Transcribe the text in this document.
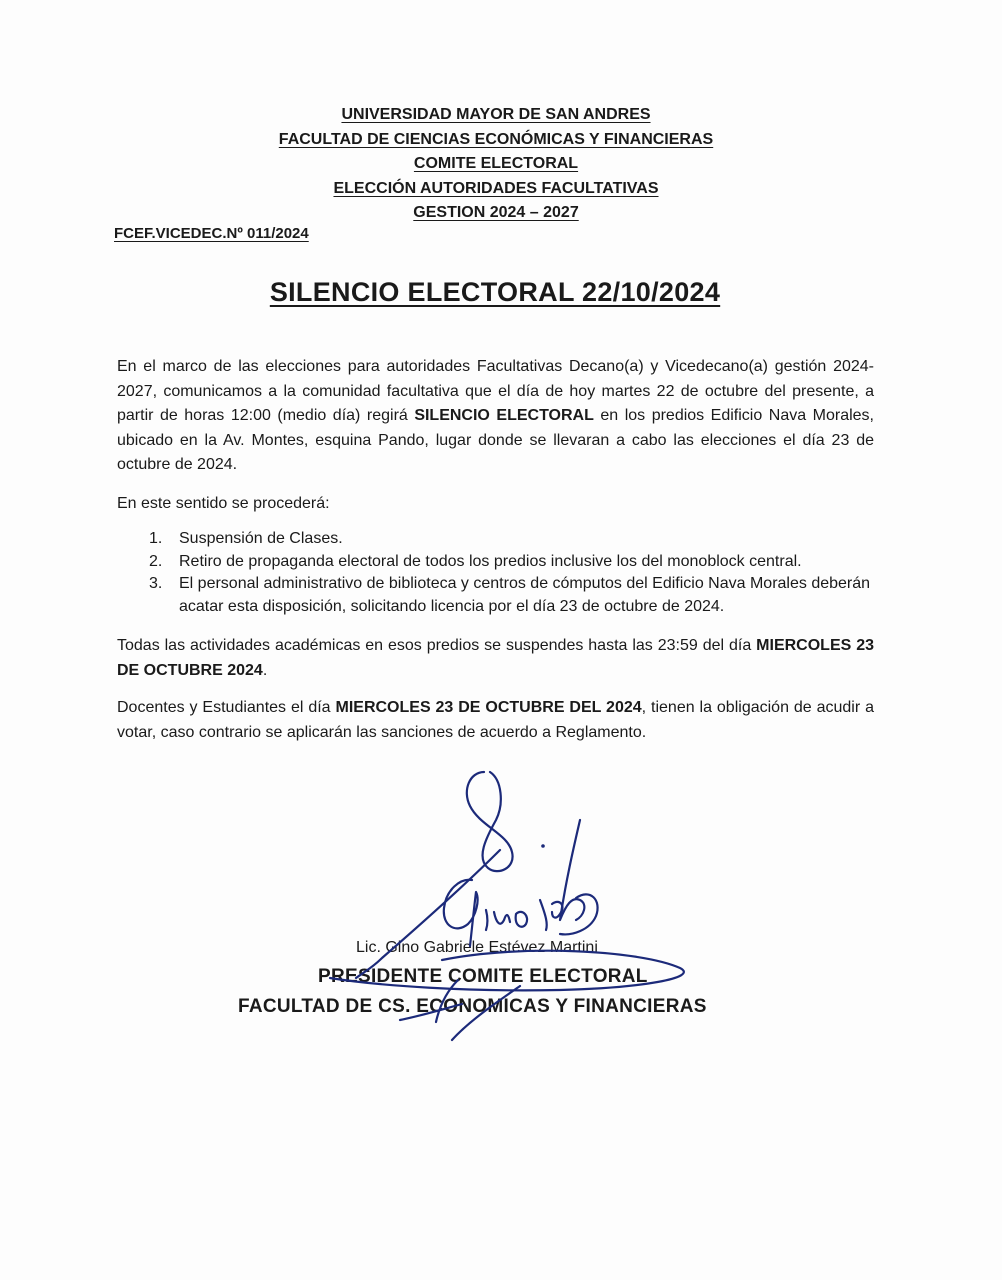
UNIVERSIDAD MAYOR DE SAN ANDRES
FACULTAD DE CIENCIAS ECONÓMICAS Y FINANCIERAS
COMITE ELECTORAL
ELECCIÓN AUTORIDADES FACULTATIVAS
GESTION 2024 – 2027
FCEF.VICEDEC.Nº 011/2024
SILENCIO ELECTORAL 22/10/2024
En el marco de las elecciones para autoridades Facultativas Decano(a) y Vicedecano(a) gestión 2024-2027, comunicamos a la comunidad facultativa que el día de hoy martes 22 de octubre del presente, a partir de horas 12:00 (medio día) regirá SILENCIO ELECTORAL en los predios Edificio Nava Morales, ubicado en la Av. Montes, esquina Pando, lugar donde se llevaran a cabo las elecciones el día 23 de octubre de 2024.
En este sentido se procederá:
1. Suspensión de Clases.
2. Retiro de propaganda electoral de todos los predios inclusive los del monoblock central.
3. El personal administrativo de biblioteca y centros de cómputos del Edificio Nava Morales deberán acatar esta disposición, solicitando licencia por el día 23 de octubre de 2024.
Todas las actividades académicas en esos predios se suspendes hasta las 23:59 del día MIERCOLES 23 DE OCTUBRE 2024.
Docentes y Estudiantes el día MIERCOLES 23 DE OCTUBRE DEL 2024, tienen la obligación de acudir a votar, caso contrario se aplicarán las sanciones de acuerdo a Reglamento.
Lic. Gino Gabriele Estévez Martini
PRESIDENTE COMITE ELECTORAL
FACULTAD DE CS. ECONOMICAS Y FINANCIERAS
